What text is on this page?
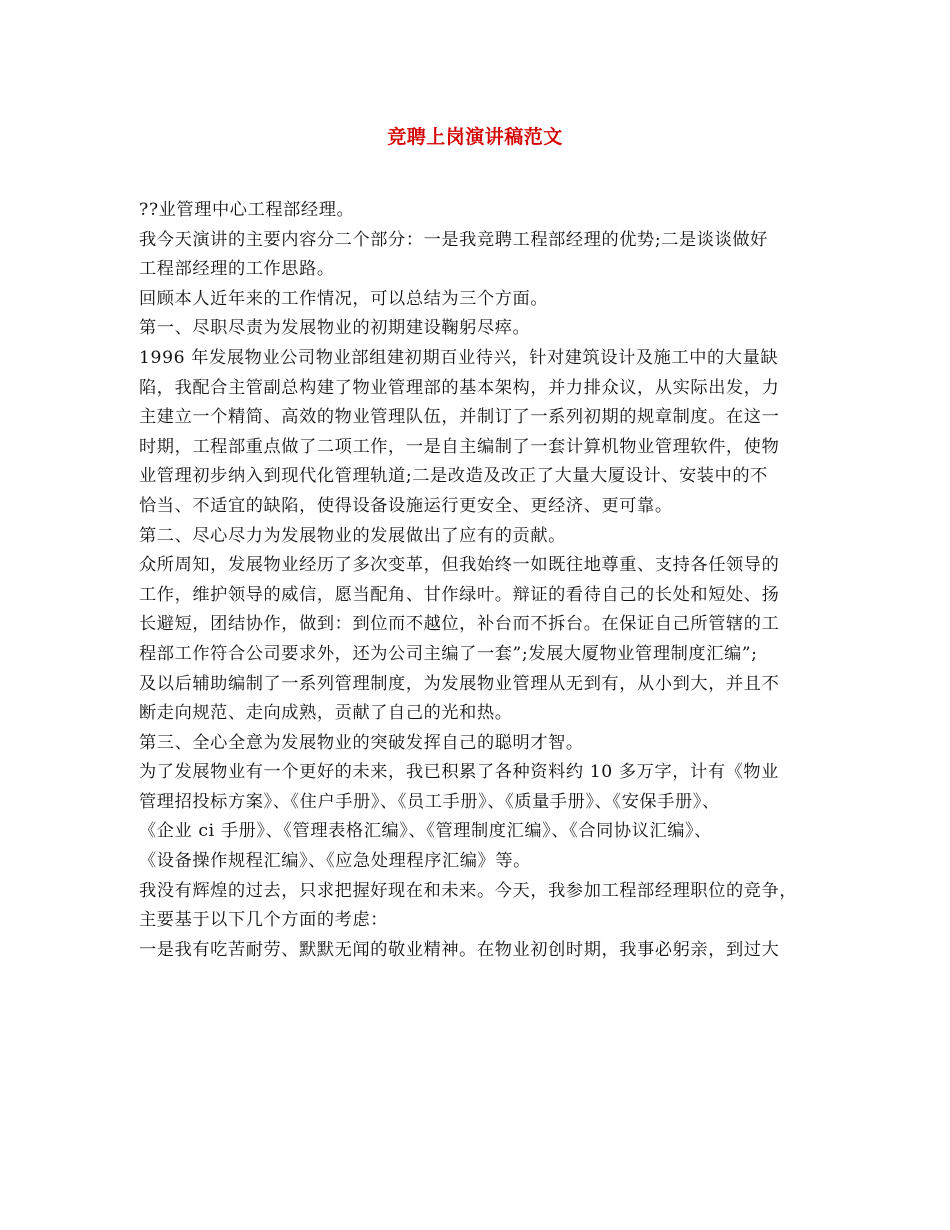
竞聘上岗演讲稿范文

??业管理中心工程部经理。

我今天演讲的主要内容分二个部分：一是我竞聘工程部经理的优势;二是谈谈做好

工程部经理的工作思路。

回顾本人近年来的工作情况，可以总结为三个方面。

第一、尽职尽责为发展物业的初期建设鞠躬尽瘁。

1996 年发展物业公司物业部组建初期百业待兴，针对建筑设计及施工中的大量缺

陷，我配合主管副总构建了物业管理部的基本架构，并力排众议，从实际出发，力

主建立一个精简、高效的物业管理队伍，并制订了一系列初期的规章制度。在这一

时期，工程部重点做了二项工作，一是自主编制了一套计算机物业管理软件，使物

业管理初步纳入到现代化管理轨道;二是改造及改正了大量大厦设计、安装中的不

恰当、不适宜的缺陷，使得设备设施运行更安全、更经济、更可靠。

第二、尽心尽力为发展物业的发展做出了应有的贡献。

众所周知，发展物业经历了多次变革，但我始终一如既往地尊重、支持各任领导的

工作，维护领导的威信，愿当配角、甘作绿叶。辩证的看待自己的长处和短处、扬

长避短，团结协作，做到：到位而不越位，补台而不拆台。在保证自己所管辖的工

程部工作符合公司要求外，还为公司主编了一套”;发展大厦物业管理制度汇编”;

及以后辅助编制了一系列管理制度，为发展物业管理从无到有，从小到大，并且不

断走向规范、走向成熟，贡献了自己的光和热。

第三、全心全意为发展物业的突破发挥自己的聪明才智。

为了发展物业有一个更好的未来，我已积累了各种资料约 10 多万字，计有《物业

管理招投标方案》、《住户手册》、《员工手册》、《质量手册》、《安保手册》、

《企业 ci 手册》、《管理表格汇编》、《管理制度汇编》、《合同协议汇编》、

《设备操作规程汇编》、《应急处理程序汇编》等。

我没有辉煌的过去，只求把握好现在和未来。今天，我参加工程部经理职位的竞争，

主要基于以下几个方面的考虑：

一是我有吃苦耐劳、默默无闻的敬业精神。在物业初创时期，我事必躬亲，到过大
